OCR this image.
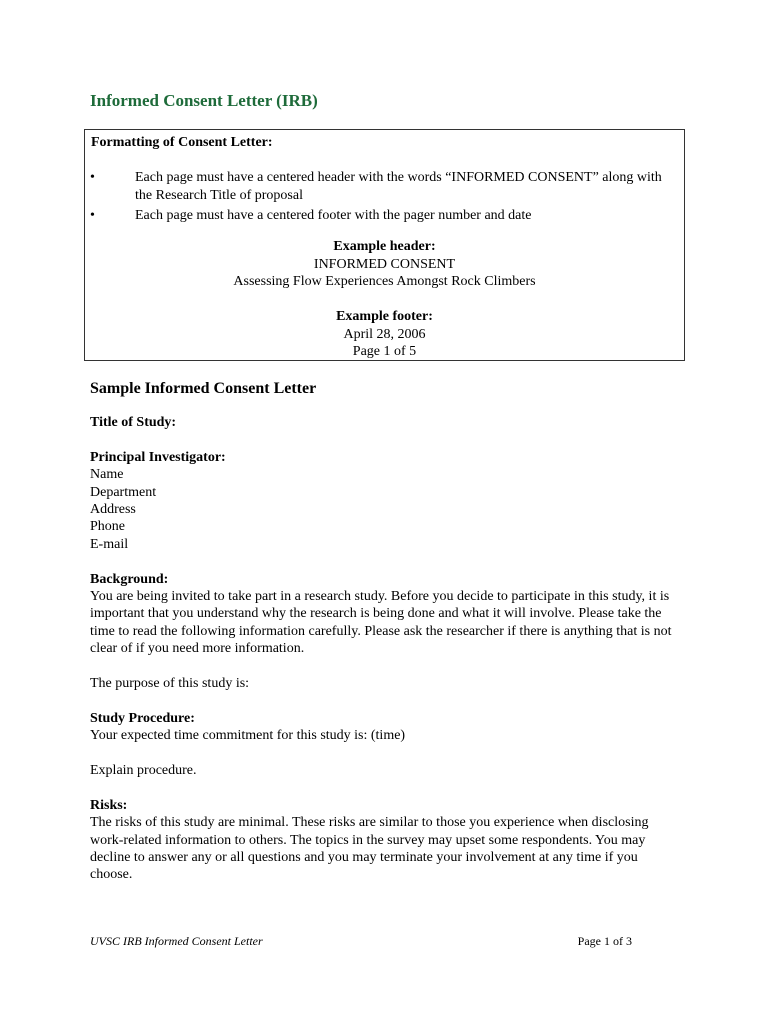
Informed Consent Letter (IRB)
Formatting of Consent Letter:
•	Each page must have a centered header with the words “INFORMED CONSENT” along with the Research Title of proposal
•	Each page must have a centered footer with the pager number and date
Example header:
INFORMED CONSENT
Assessing Flow Experiences Amongst Rock Climbers
Example footer:
April 28, 2006
Page 1 of 5
Sample Informed Consent Letter
Title of Study:
Principal Investigator:
Name
Department
Address
Phone
E-mail
Background:

You are being invited to take part in a research study. Before you decide to participate in this study, it is important that you understand why the research is being done and what it will involve. Please take the time to read the following information carefully. Please ask the researcher if there is anything that is not clear of if you need more information.

The purpose of this study is:

Study Procedure:

Your expected time commitment for this study is: (time)

Explain procedure.

Risks:

The risks of this study are minimal. These risks are similar to those you experience when disclosing work-related information to others. The topics in the survey may upset some respondents. You may decline to answer any or all questions and you may terminate your involvement at any time if you choose.

UVSC IRB Informed Consent Letter	Page 1 of 3
